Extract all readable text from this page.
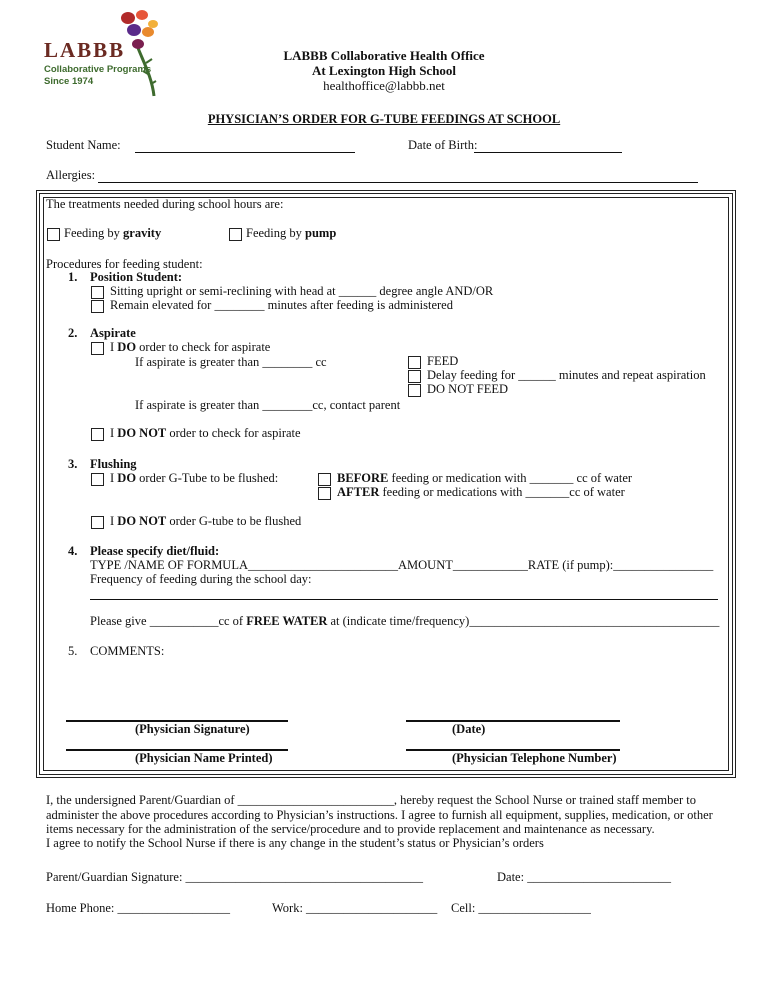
LABBB
Collaborative Programs
Since 1974
LABBB Collaborative Health Office
At Lexington High School
healthoffice@labbb.net
PHYSICIAN’S ORDER FOR G-TUBE FEEDINGS AT SCHOOL
Student Name:	Date of Birth:
Allergies:
The treatments needed during school hours are:
Feeding by gravity	Feeding by pump
Procedures for feeding student:
1. Position Student:
Sitting upright or semi-reclining with head at ______ degree angle AND/OR
Remain elevated for ________ minutes after feeding is administered
2. Aspirate
I DO order to check for aspirate
If aspirate is greater than ________ cc	FEED
Delay feeding for ______ minutes and repeat aspiration
DO NOT FEED
If aspirate is greater than ________cc, contact parent
I DO NOT order to check for aspirate
3. Flushing
I DO order G-Tube to be flushed:	BEFORE feeding or medication with _______ cc of water
AFTER feeding or medications with _______cc of water
I DO NOT order G-tube to be flushed
4. Please specify diet/fluid:
TYPE /NAME OF FORMULA________________________AMOUNT____________RATE (if pump):________________
Frequency of feeding during the school day:
Please give ___________cc of FREE WATER at (indicate time/frequency)________________________________________
5. COMMENTS:
(Physician Signature)	(Date)
(Physician Name Printed)	(Physician Telephone Number)
I, the undersigned Parent/Guardian of _________________________, hereby request the School Nurse or trained staff member to
administer the above procedures according to Physician’s instructions. I agree to furnish all equipment, supplies, medication, or other
items necessary for the administration of the service/procedure and to provide replacement and maintenance as necessary.
I agree to notify the School Nurse if there is any change in the student’s status or Physician’s orders
Parent/Guardian Signature: ______________________________________	Date: _______________________
Home Phone: __________________	Work: _____________________ Cell: __________________
